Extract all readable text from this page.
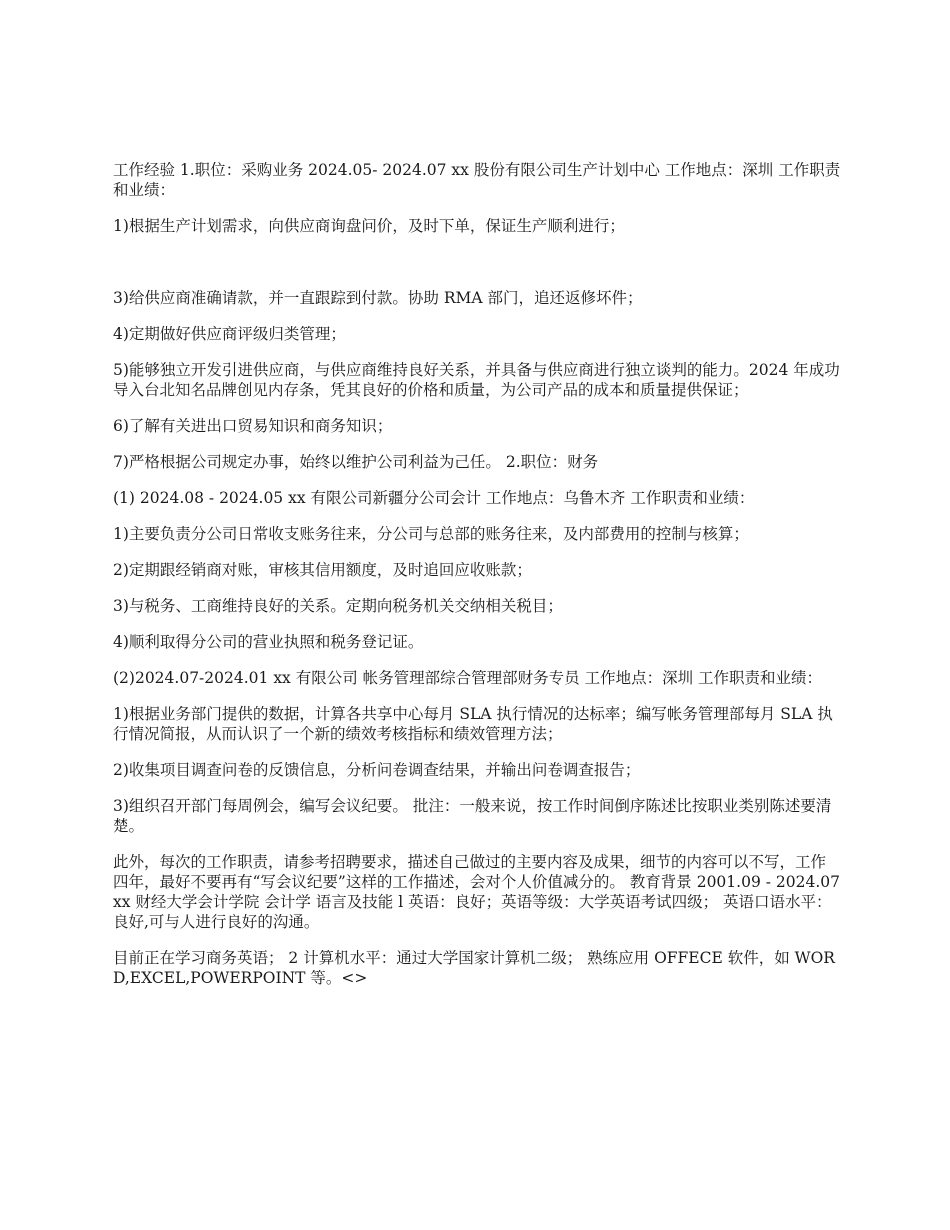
工作经验 1.职位：采购业务 2024.05- 2024.07 xx 股份有限公司生产计划中心 工作地点：深圳 工作职责和业绩：

1)根据生产计划需求，向供应商询盘问价，及时下单，保证生产顺利进行；

3)给供应商准确请款，并一直跟踪到付款。协助 RMA 部门，追还返修坏件；

4)定期做好供应商评级归类管理；

5)能够独立开发引进供应商，与供应商维持良好关系，并具备与供应商进行独立谈判的能力。2024 年成功导入台北知名品牌创见内存条，凭其良好的价格和质量，为公司产品的成本和质量提供保证；

6)了解有关进出口贸易知识和商务知识；

7)严格根据公司规定办事，始终以维护公司利益为己任。 2.职位：财务

(1) 2024.08 - 2024.05 xx 有限公司新疆分公司会计 工作地点：乌鲁木齐 工作职责和业绩：

1)主要负责分公司日常收支账务往来，分公司与总部的账务往来，及内部费用的控制与核算；

2)定期跟经销商对账，审核其信用额度，及时追回应收账款；

3)与税务、工商维持良好的关系。定期向税务机关交纳相关税目；

4)顺利取得分公司的营业执照和税务登记证。

(2)2024.07-2024.01 xx 有限公司 帐务管理部综合管理部财务专员 工作地点：深圳 工作职责和业绩：

1)根据业务部门提供的数据，计算各共享中心每月 SLA 执行情况的达标率；编写帐务管理部每月 SLA 执行情况简报，从而认识了一个新的绩效考核指标和绩效管理方法；

2)收集项目调查问卷的反馈信息，分析问卷调查结果，并输出问卷调查报告；

3)组织召开部门每周例会，编写会议纪要。 批注：一般来说，按工作时间倒序陈述比按职业类别陈述要清楚。

此外，每次的工作职责，请参考招聘要求，描述自己做过的主要内容及成果，细节的内容可以不写，工作四年，最好不要再有“写会议纪要”这样的工作描述，会对个人价值减分的。 教育背景 2001.09 - 2024.07 xx 财经大学会计学院 会计学 语言及技能 l 英语：良好；英语等级：大学英语考试四级； 英语口语水平：良好,可与人进行良好的沟通。

目前正在学习商务英语； 2 计算机水平：通过大学国家计算机二级； 熟练应用 OFFECE 软件，如 WORD,EXCEL,POWERPOINT 等。<>
